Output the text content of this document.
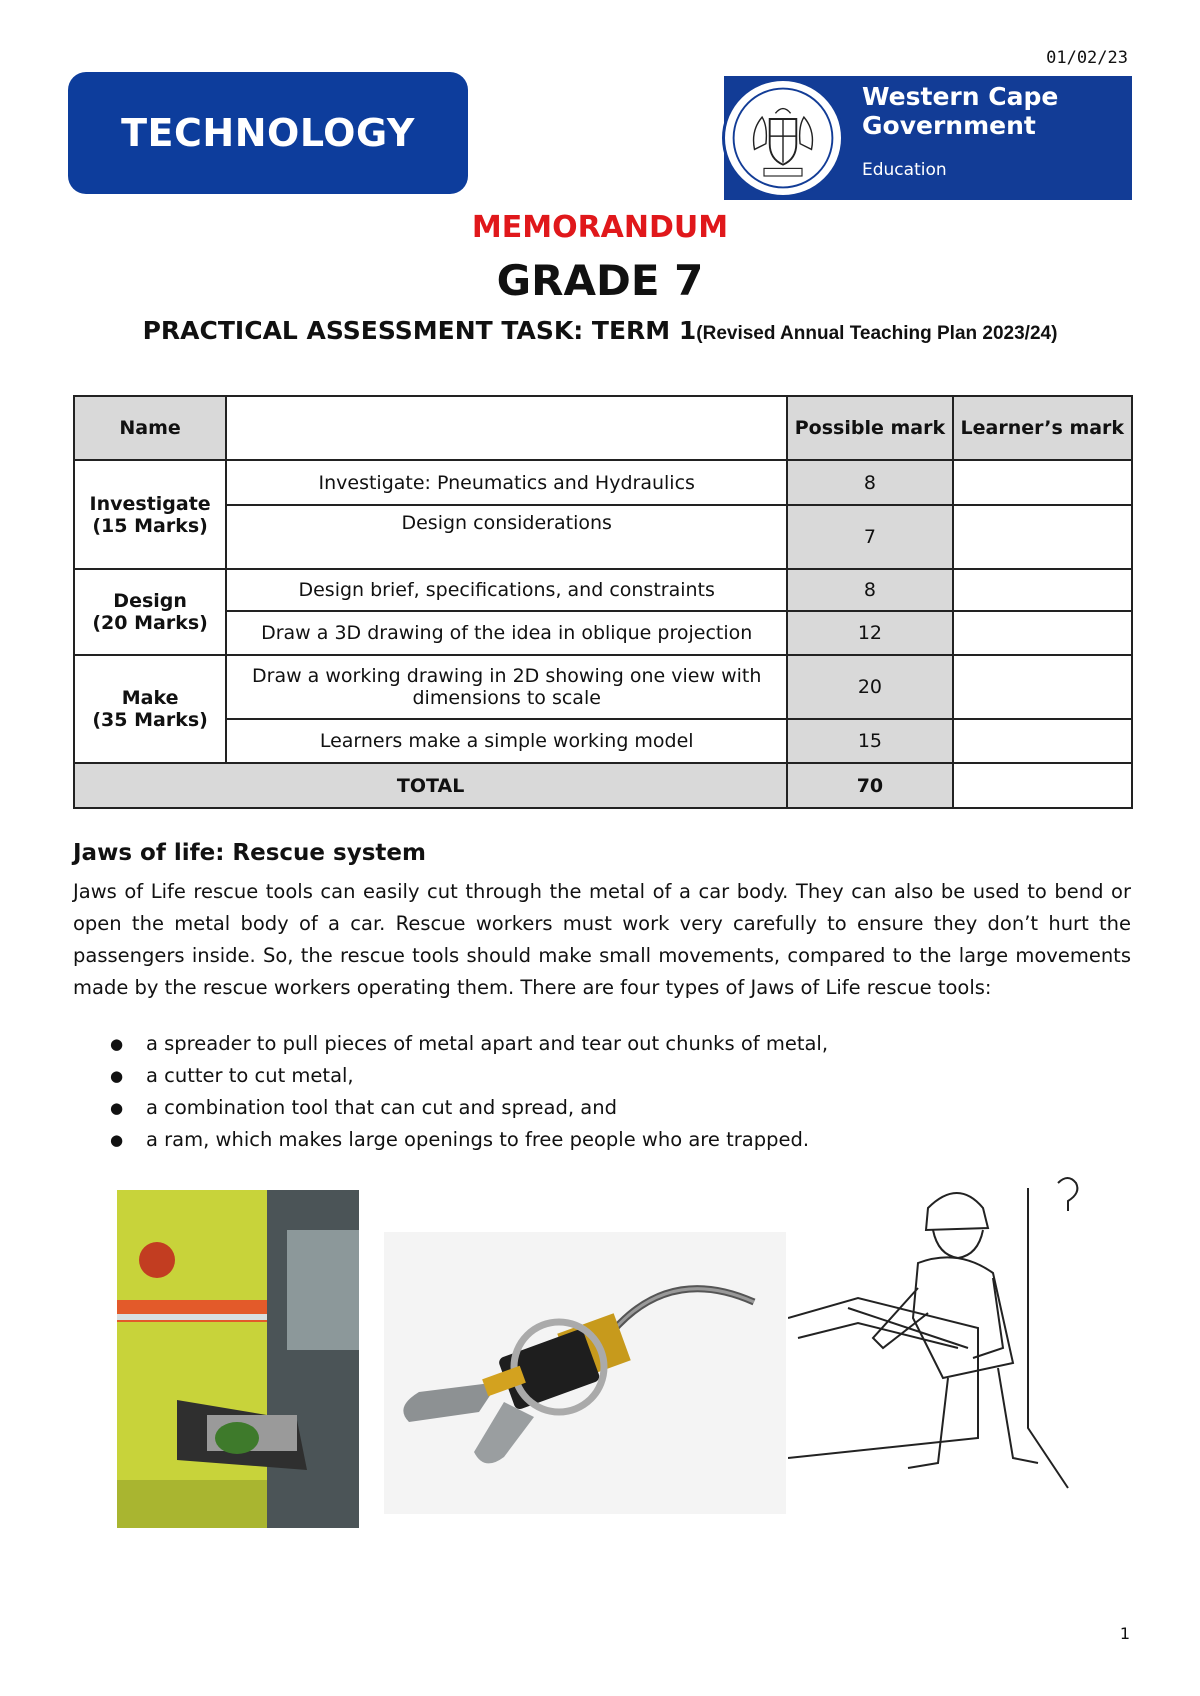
01/02/23
TECHNOLOGY
Western Cape
Government
Education
MEMORANDUM
GRADE 7
PRACTICAL ASSESSMENT TASK: TERM 1(Revised Annual Teaching Plan 2023/24)
Name		Possible mark	Learner’s mark
Investigate
(15 Marks)	Investigate: Pneumatics and Hydraulics	8	
	Design considerations	7	
Design
(20 Marks)	Design brief, specifications, and constraints	8	
	Draw a 3D drawing of the idea in oblique projection	12	
Make
(35 Marks)	Draw a working drawing in 2D showing one view with dimensions to scale	20	
	Learners make a simple working model	15	
TOTAL		70	
Jaws of life: Rescue system
Jaws of Life rescue tools can easily cut through the metal of a car body. They can also be used to bend or open the metal body of a car. Rescue workers must work very carefully to ensure they don’t hurt the passengers inside. So, the rescue tools should make small movements, compared to the large movements made by the rescue workers operating them. There are four types of Jaws of Life rescue tools:
● a spreader to pull pieces of metal apart and tear out chunks of metal,
● a cutter to cut metal,
● a combination tool that can cut and spread, and
● a ram, which makes large openings to free people who are trapped.
1
